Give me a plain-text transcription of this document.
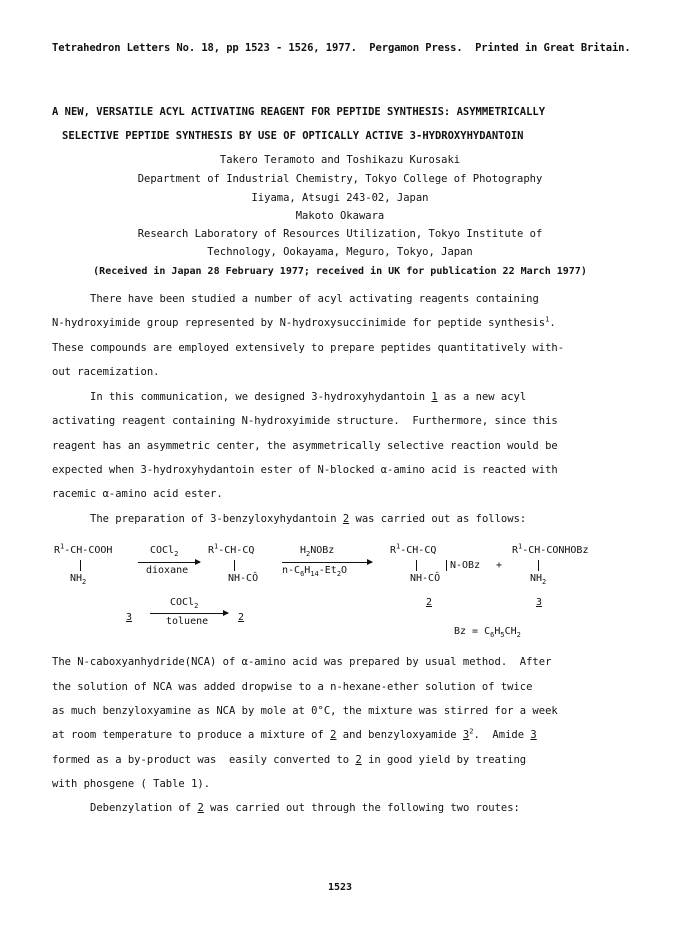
Tetrahedron Letters No. 18, pp 1523 - 1526, 1977.  Pergamon Press.  Printed in Great Britain.
A NEW, VERSATILE ACYL ACTIVATING REAGENT FOR PEPTIDE SYNTHESIS: ASYMMETRICALLY
SELECTIVE PEPTIDE SYNTHESIS BY USE OF OPTICALLY ACTIVE 3-HYDROXYHYDANTOIN
Takero Teramoto and Toshikazu Kurosaki
Department of Industrial Chemistry, Tokyo College of Photography
Iiyama, Atsugi 243-02, Japan
Makoto Okawara
Research Laboratory of Resources Utilization, Tokyo Institute of
Technology, Ookayama, Meguro, Tokyo, Japan
(Received in Japan 28 February 1977; received in UK for publication 22 March 1977)
There have been studied a number of acyl activating reagents containing
N-hydroxyimide group represented by N-hydroxysuccinimide for peptide synthesis$^1$.
These compounds are employed extensively to prepare peptides quantitatively with-
out racemization.
In this communication, we designed 3-hydroxyhydantoin 1 as a new acyl
activating reagent containing N-hydroxyimide structure.  Furthermore, since this
reagent has an asymmetric center, the asymmetrically selective reaction would be
expected when 3-hydroxyhydantoin ester of N-blocked α-amino acid is reacted with
racemic α-amino acid ester.
The preparation of 3-benzyloxyhydantoin 2 was carried out as follows:
$R^1-CH$-COOH
$NH_2$
COCl$_2$
dioxane
$R^1-CH-CQ$
NH-CÔ
$H_2NOBz$
$n-C_6H_{14}-Et_2O$
$R^1-CH-CQ$
N-OBz
NH-CÔ
+
$R^1-CH$-CONHOBz
$NH_2$
COCl$_2$
3	toluene	2
2	3
$Bz = C_6H_5CH_2$
The N-caboxyanhydride(NCA) of α-amino acid was prepared by usual method.  After
the solution of NCA was added dropwise to a n-hexane-ether solution of twice
as much benzyloxyamine as NCA by mole at 0°C, the mixture was stirred for a week
at room temperature to produce a mixture of 2 and benzyloxyamide $3^2$.  Amide 3
formed as a by-product was  easily converted to 2 in good yield by treating
with phosgene ( Table 1).
Debenzylation of 2 was carried out through the following two routes:
1523
